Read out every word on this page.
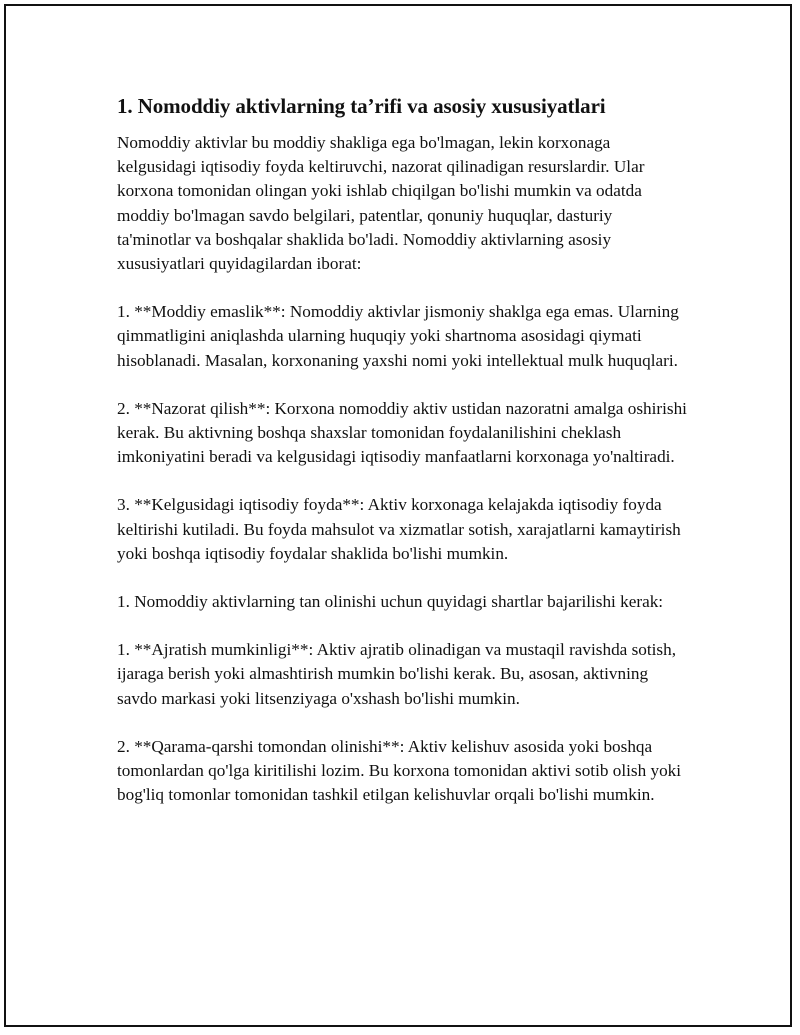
1. Nomoddiy aktivlarning ta’rifi va asosiy xususiyatlari

Nomoddiy aktivlar bu moddiy shakliga ega bo'lmagan, lekin korxonaga kelgusidagi iqtisodiy foyda keltiruvchi, nazorat qilinadigan resurslardir. Ular korxona tomonidan olingan yoki ishlab chiqilgan bo'lishi mumkin va odatda moddiy bo'lmagan savdo belgilari, patentlar, qonuniy huquqlar, dasturiy ta'minotlar va boshqalar shaklida bo'ladi. Nomoddiy aktivlarning asosiy xususiyatlari quyidagilardan iborat:

1. **Moddiy emaslik**: Nomoddiy aktivlar jismoniy shaklga ega emas. Ularning qimmatligini aniqlashda ularning huquqiy yoki shartnoma asosidagi qiymati hisoblanadi. Masalan, korxonaning yaxshi nomi yoki intellektual mulk huquqlari.

2. **Nazorat qilish**: Korxona nomoddiy aktiv ustidan nazoratni amalga oshirishi kerak. Bu aktivning boshqa shaxslar tomonidan foydalanilishini cheklash imkoniyatini beradi va kelgusidagi iqtisodiy manfaatlarni korxonaga yo'naltiradi.

3. **Kelgusidagi iqtisodiy foyda**: Aktiv korxonaga kelajakda iqtisodiy foyda keltirishi kutiladi. Bu foyda mahsulot va xizmatlar sotish, xarajatlarni kamaytirish yoki boshqa iqtisodiy foydalar shaklida bo'lishi mumkin.

1. Nomoddiy aktivlarning tan olinishi uchun quyidagi shartlar bajarilishi kerak:

1. **Ajratish mumkinligi**: Aktiv ajratib olinadigan va mustaqil ravishda sotish, ijaraga berish yoki almashtirish mumkin bo'lishi kerak. Bu, asosan, aktivning savdo markasi yoki litsenziyaga o'xshash bo'lishi mumkin.

2. **Qarama-qarshi tomondan olinishi**: Aktiv kelishuv asosida yoki boshqa tomonlardan qo'lga kiritilishi lozim. Bu korxona tomonidan aktivi sotib olish yoki bog'liq tomonlar tomonidan tashkil etilgan kelishuvlar orqali bo'lishi mumkin.
